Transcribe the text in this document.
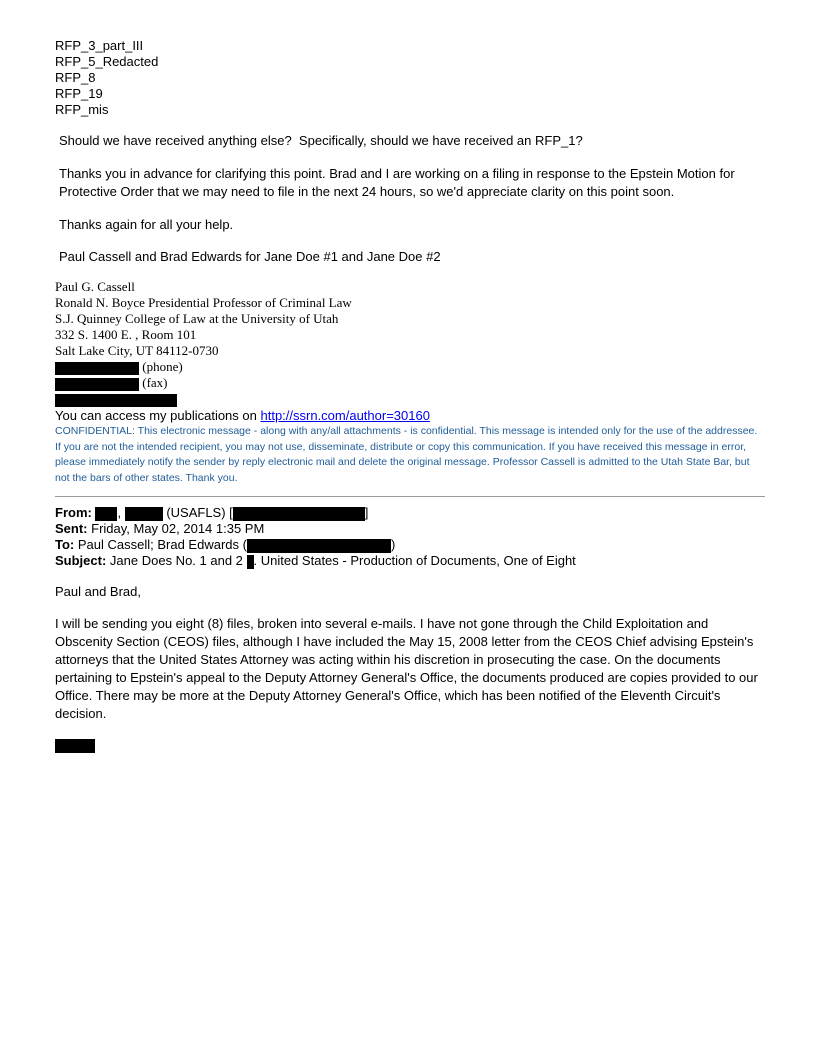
RFP_3_part_III
RFP_5_Redacted
RFP_8
RFP_19
RFP_mis
Should we have received anything else?  Specifically, should we have received an RFP_1?
Thanks you in advance for clarifying this point. Brad and I are working on a filing in response to the Epstein Motion for Protective Order that we may need to file in the next 24 hours, so we'd appreciate clarity on this point soon.
Thanks again for all your help.
Paul Cassell and Brad Edwards for Jane Doe #1 and Jane Doe #2
Paul G. Cassell
Ronald N. Boyce Presidential Professor of Criminal Law
S.J. Quinney College of Law at the University of Utah
332 S. 1400 E. , Room 101
Salt Lake City, UT 84112-0730
(phone)
(fax)
You can access my publications on http://ssrn.com/author=30160
CONFIDENTIAL: This electronic message - along with any/all attachments - is confidential. This message is intended only for the use of the addressee. If you are not the intended recipient, you may not use, disseminate, distribute or copy this communication. If you have received this message in error, please immediately notify the sender by reply electronic mail and delete the original message. Professor Cassell is admitted to the Utah State Bar, but not the bars of other states. Thank you.
From: ,	(USAFLS) [	]
Sent: Friday, May 02, 2014 1:35 PM
To: Paul Cassell; Brad Edwards (	)
Subject: Jane Does No. 1 and 2 . United States - Production of Documents, One of Eight
Paul and Brad,
I will be sending you eight (8) files, broken into several e-mails. I have not gone through the Child Exploitation and Obscenity Section (CEOS) files, although I have included the May 15, 2008 letter from the CEOS Chief advising Epstein's attorneys that the United States Attorney was acting within his discretion in prosecuting the case. On the documents pertaining to Epstein's appeal to the Deputy Attorney General's Office, the documents produced are copies provided to our Office. There may be more at the Deputy Attorney General's Office, which has been notified of the Eleventh Circuit's decision.
